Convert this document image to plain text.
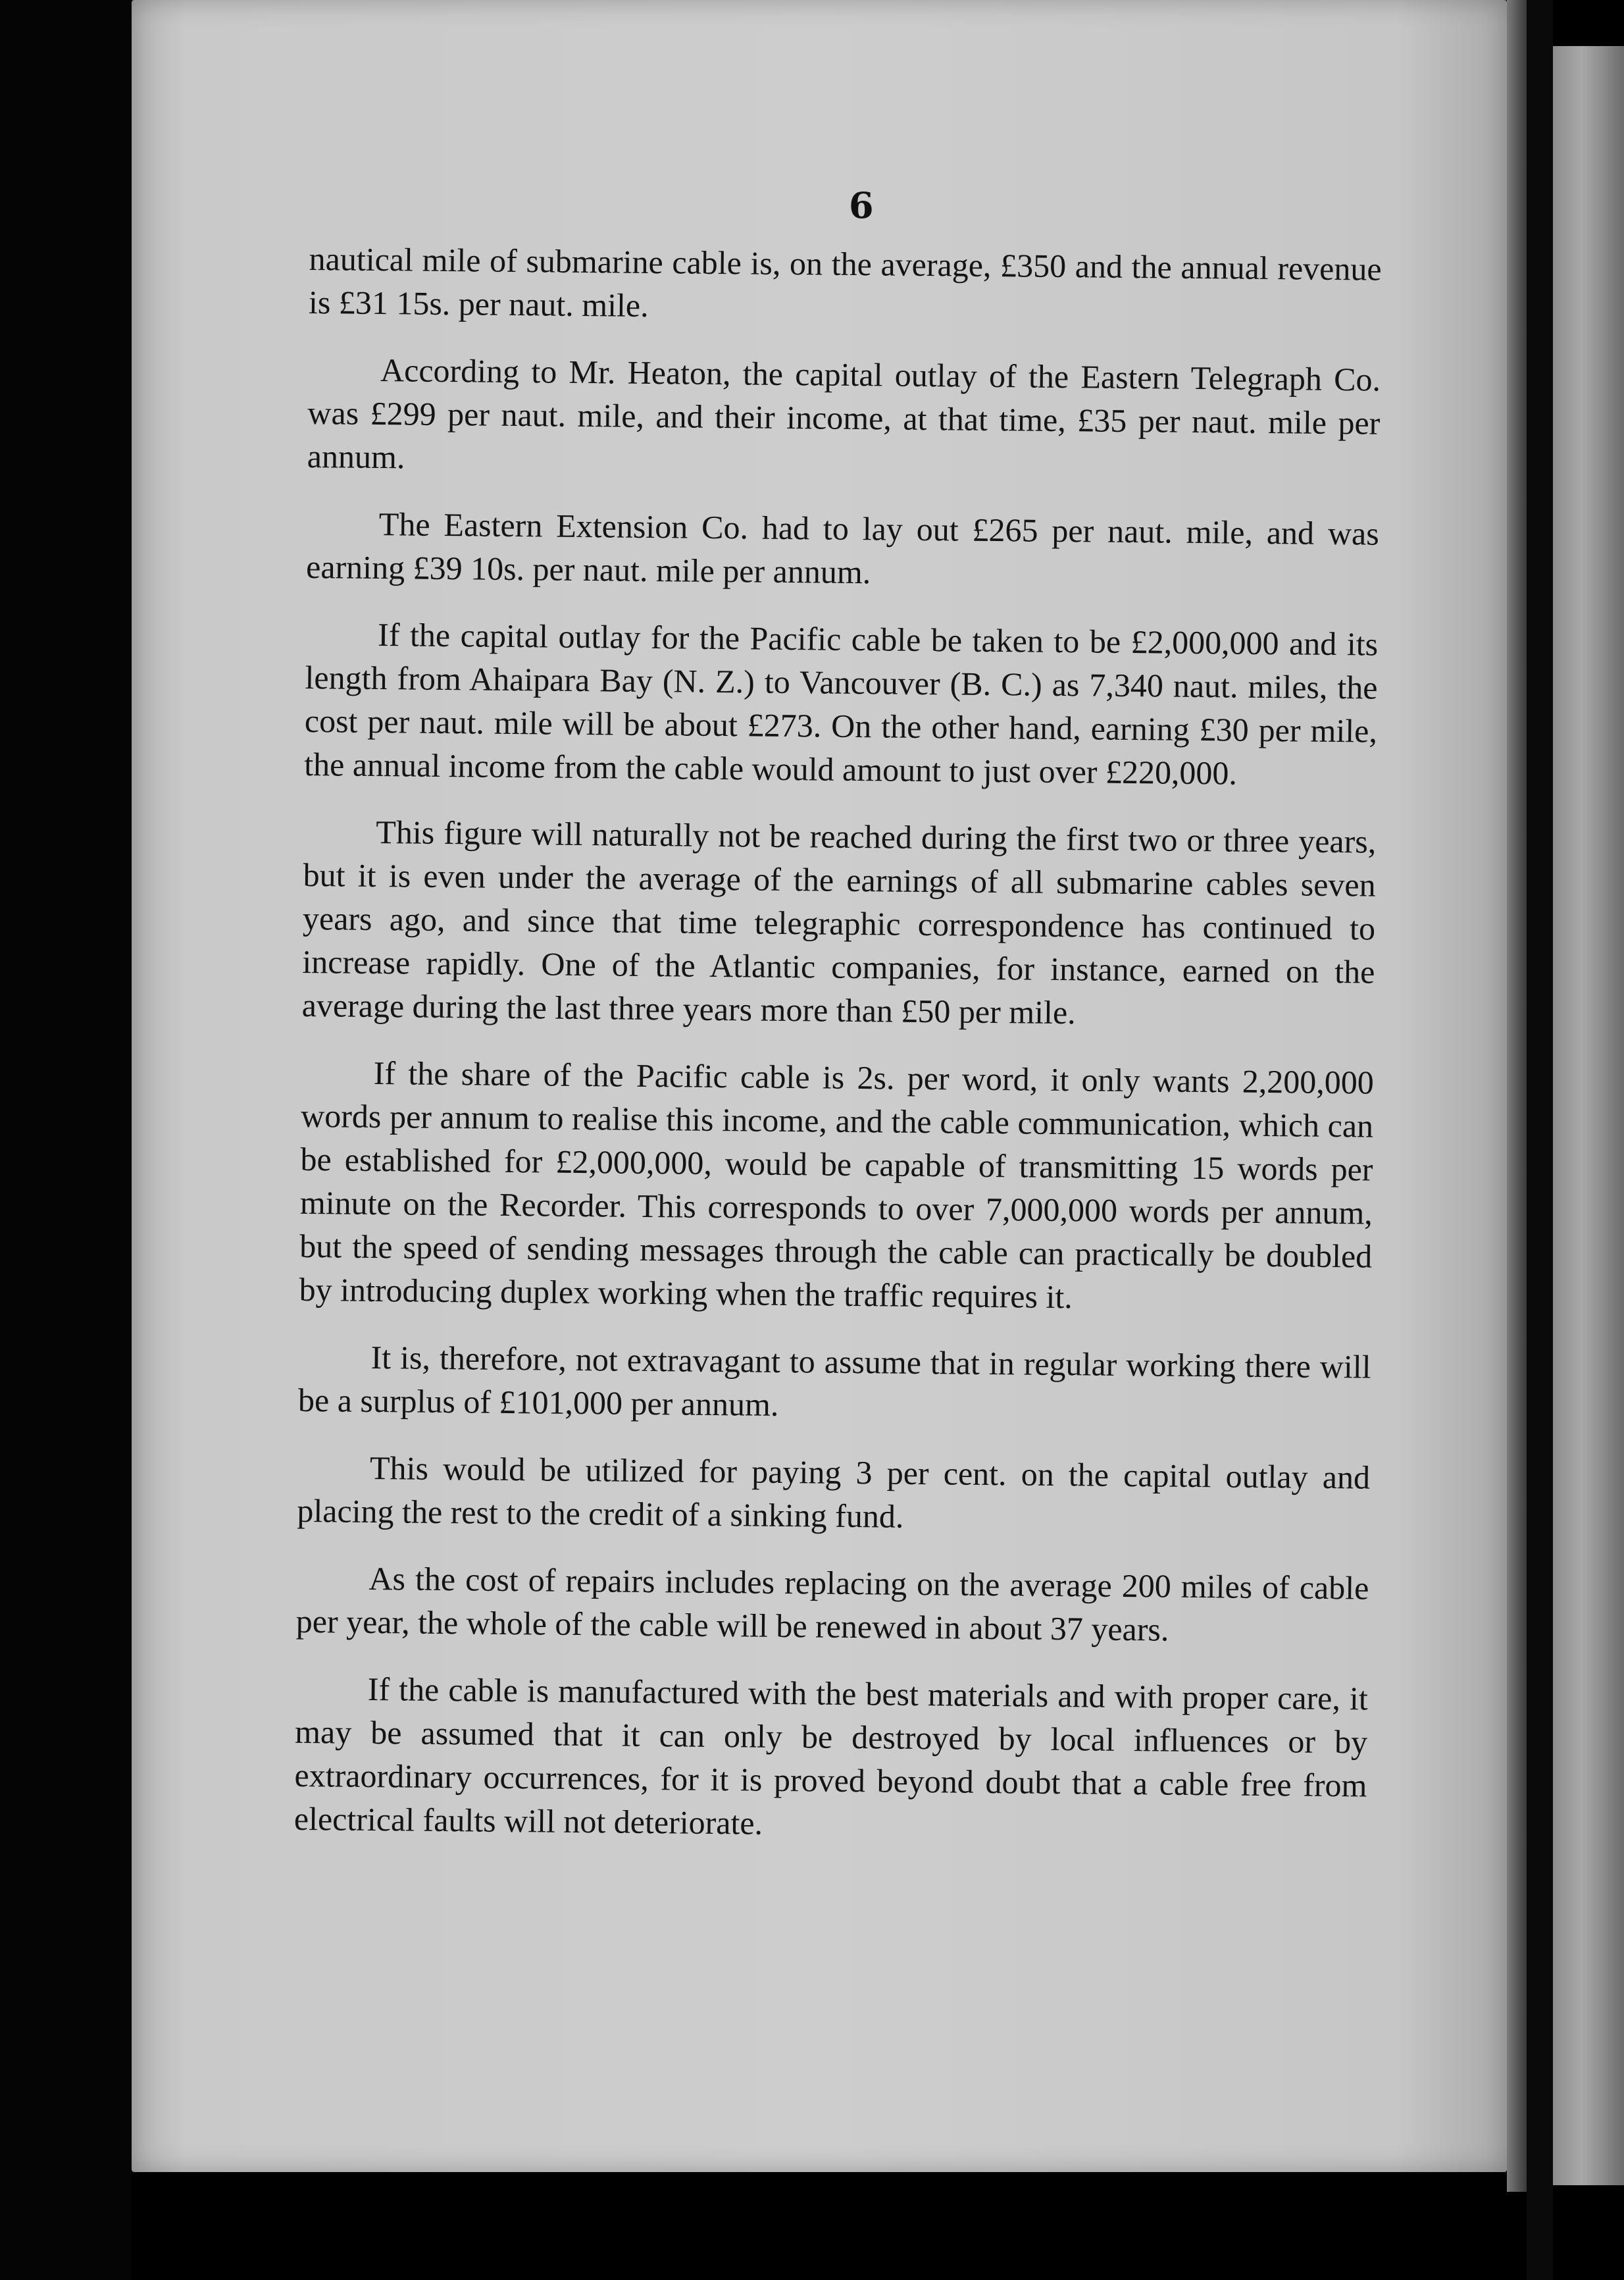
6

nautical mile of submarine cable is, on the average, £350 and the annual revenue is £31 15s. per naut. mile.

According to Mr. Heaton, the capital outlay of the Eastern Telegraph Co. was £299 per naut. mile, and their income, at that time, £35 per naut. mile per annum.

The Eastern Extension Co. had to lay out £265 per naut. mile, and was earning £39 10s. per naut. mile per annum.

If the capital outlay for the Pacific cable be taken to be £2,000,000 and its length from Ahaipara Bay (N. Z.) to Vancouver (B. C.) as 7,340 naut. miles, the cost per naut. mile will be about £273. On the other hand, earning £30 per mile, the annual income from the cable would amount to just over £220,000.

This figure will naturally not be reached during the first two or three years, but it is even under the average of the earnings of all submarine cables seven years ago, and since that time telegraphic correspondence has continued to increase rapidly. One of the Atlantic companies, for instance, earned on the average during the last three years more than £50 per mile.

If the share of the Pacific cable is 2s. per word, it only wants 2,200,000 words per annum to realise this income, and the cable communication, which can be established for £2,000,000, would be capable of transmitting 15 words per minute on the Recorder. This corresponds to over 7,000,000 words per annum, but the speed of sending messages through the cable can practically be doubled by introducing duplex working when the traffic requires it.

It is, therefore, not extravagant to assume that in regular working there will be a surplus of £101,000 per annum.

This would be utilized for paying 3 per cent. on the capital outlay and placing the rest to the credit of a sinking fund.

As the cost of repairs includes replacing on the average 200 miles of cable per year, the whole of the cable will be renewed in about 37 years.

If the cable is manufactured with the best materials and with proper care, it may be assumed that it can only be destroyed by local influences or by extraordinary occurrences, for it is proved beyond doubt that a cable free from electrical faults will not deteriorate.
